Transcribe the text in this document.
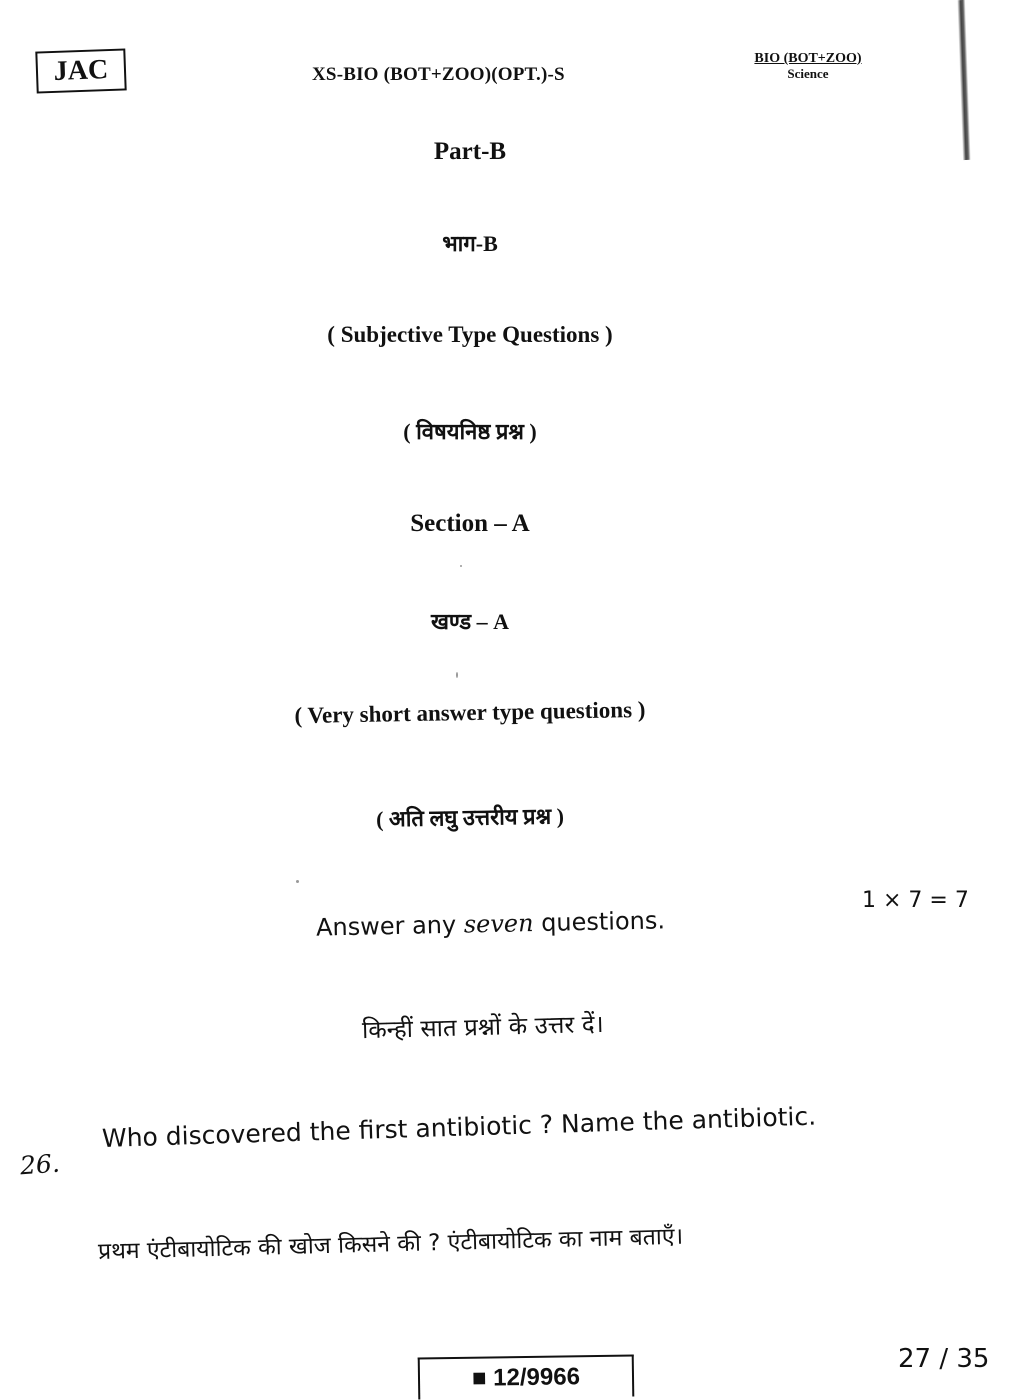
JAC	XS-BIO (BOT+ZOO)(OPT.)-S
BIO (BOT+ZOO)
Science
Part-B
भाग-B
( Subjective Type Questions )
( विषयनिष्ठ प्रश्न )
Section – A
खण्ड – A
( Very short answer type questions )
( अति लघु उत्तरीय प्रश्न )
Answer any seven questions.
1 × 7 = 7
किन्हीं सात प्रश्नों के उत्तर दें।
26.
Who discovered the first antibiotic ? Name the antibiotic.
प्रथम एंटीबायोटिक की खोज किसने की ? एंटीबायोटिक का नाम बताएँ।
■ 12/9966
27 / 35
